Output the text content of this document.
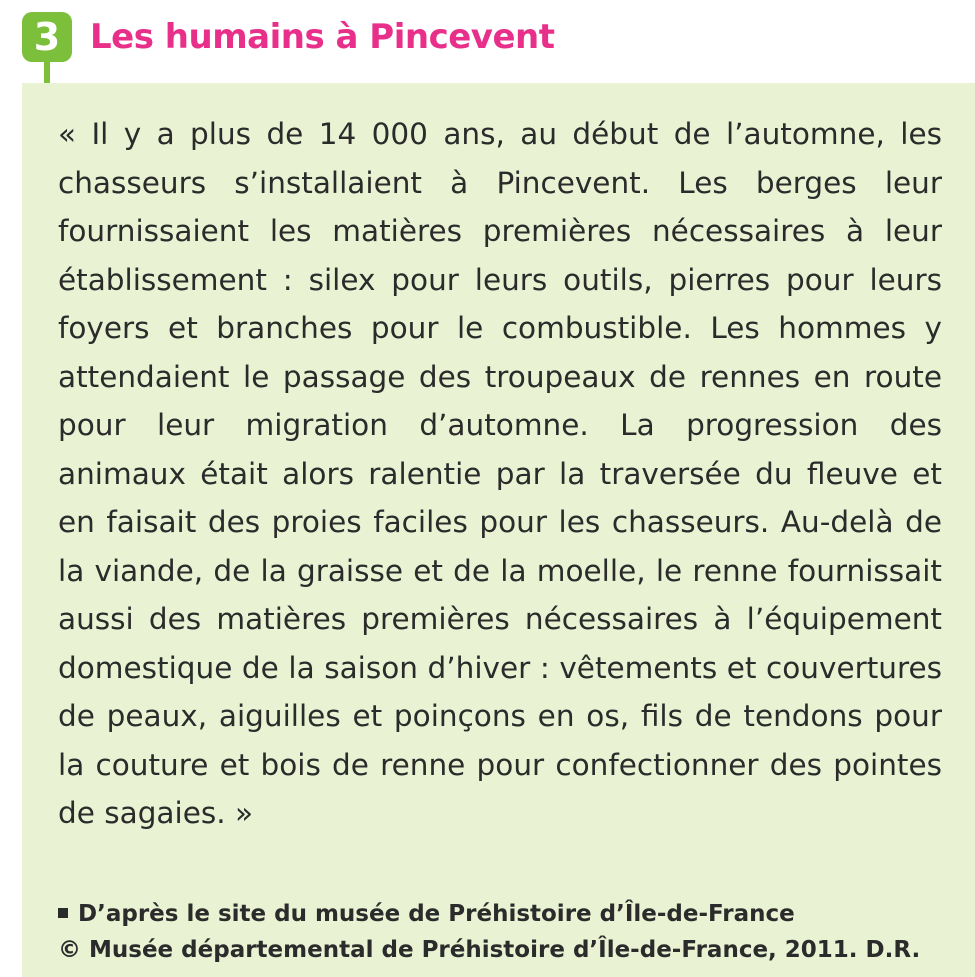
3 Les humains à Pincevent

« Il y a plus de 14 000 ans, au début de l’automne, les chasseurs s’installaient à Pincevent. Les berges leur fournissaient les matières premières nécessaires à leur établissement : silex pour leurs outils, pierres pour leurs foyers et branches pour le combustible. Les hommes y attendaient le passage des troupeaux de rennes en route pour leur migration d’automne. La progression des animaux était alors ralentie par la traversée du fleuve et en faisait des proies faciles pour les chasseurs. Au-delà de la viande, de la graisse et de la moelle, le renne fournissait aussi des matières premières nécessaires à l’équipement domestique de la saison d’hiver : vêtements et couvertures de peaux, aiguilles et poinçons en os, fils de tendons pour la couture et bois de renne pour confectionner des pointes de sagaies. »

D’après le site du musée de Préhistoire d’Île-de-France
© Musée départemental de Préhistoire d’Île-de-France, 2011. D.R.
